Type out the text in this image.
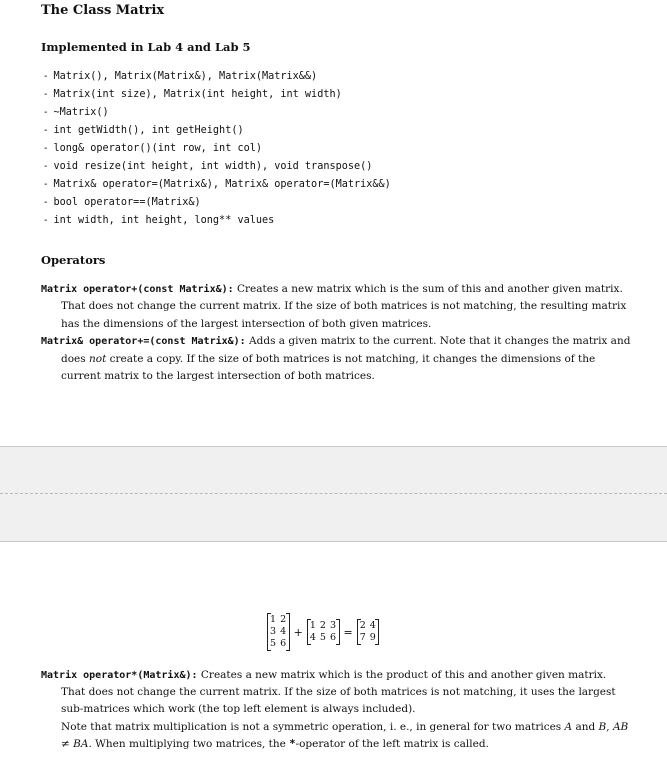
The Class Matrix
Implemented in Lab 4 and Lab 5
- Matrix(), Matrix(Matrix&), Matrix(Matrix&&)
- Matrix(int size), Matrix(int height, int width)
- ~Matrix()
- int getWidth(), int getHeight()
- long& operator()(int row, int col)
- void resize(int height, int width), void transpose()
- Matrix& operator=(Matrix&), Matrix& operator=(Matrix&&)
- bool operator==(Matrix&)
- int width, int height, long** values
Operators

Matrix operator+(const Matrix&): Creates a new matrix which is the sum of this and another given matrix. That does not change the current matrix. If the size of both matrices is not matching, the resulting matrix has the dimensions of the largest intersection of both given matrices.

Matrix& operator+=(const Matrix&): Adds a given matrix to the current. Note that it changes the matrix and does not create a copy. If the size of both matrices is not matching, it changes the dimensions of the current matrix to the largest intersection of both matrices.

1 2
3 4
5 6
+ 1 2 3
4 5 6 = 2 4
7 9

Matrix operator*(Matrix&): Creates a new matrix which is the product of this and another given matrix. That does not change the current matrix. If the size of both matrices is not matching, it uses the largest sub-matrices which work (the top left element is always included).

Note that matrix multiplication is not a symmetric operation, i. e., in general for two matrices A and B, AB ≠ BA. When multiplying two matrices, the *-operator of the left matrix is called.
